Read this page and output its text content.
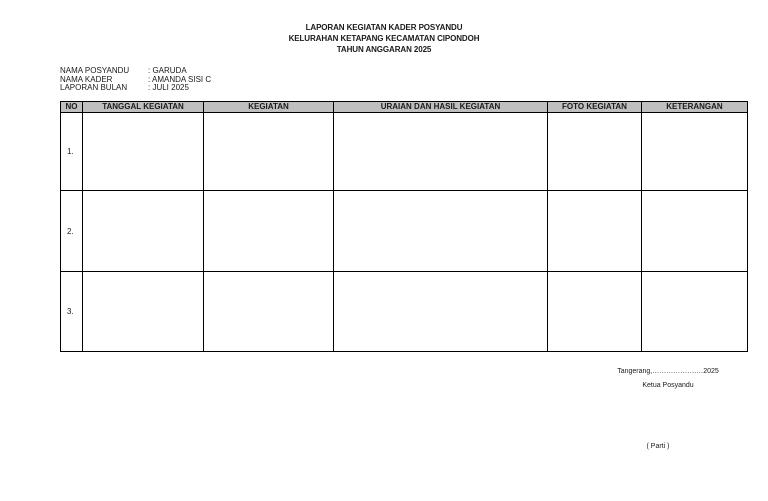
LAPORAN KEGIATAN KADER POSYANDU
KELURAHAN KETAPANG KECAMATAN CIPONDOH
TAHUN ANGGARAN 2025
NAMA POSYANDU : GARUDA
NAMA KADER	: AMANDA SISI C
LAPORAN BULAN	: JULI 2025
NO	TANGGAL KEGIATAN	KEGIATAN	URAIAN DAN HASIL KEGIATAN	FOTO KEGIATAN	KETERANGAN
1.					
2.					
3.					
Tangerang,……………….…2025
Ketua Posyandu
( Parti )
